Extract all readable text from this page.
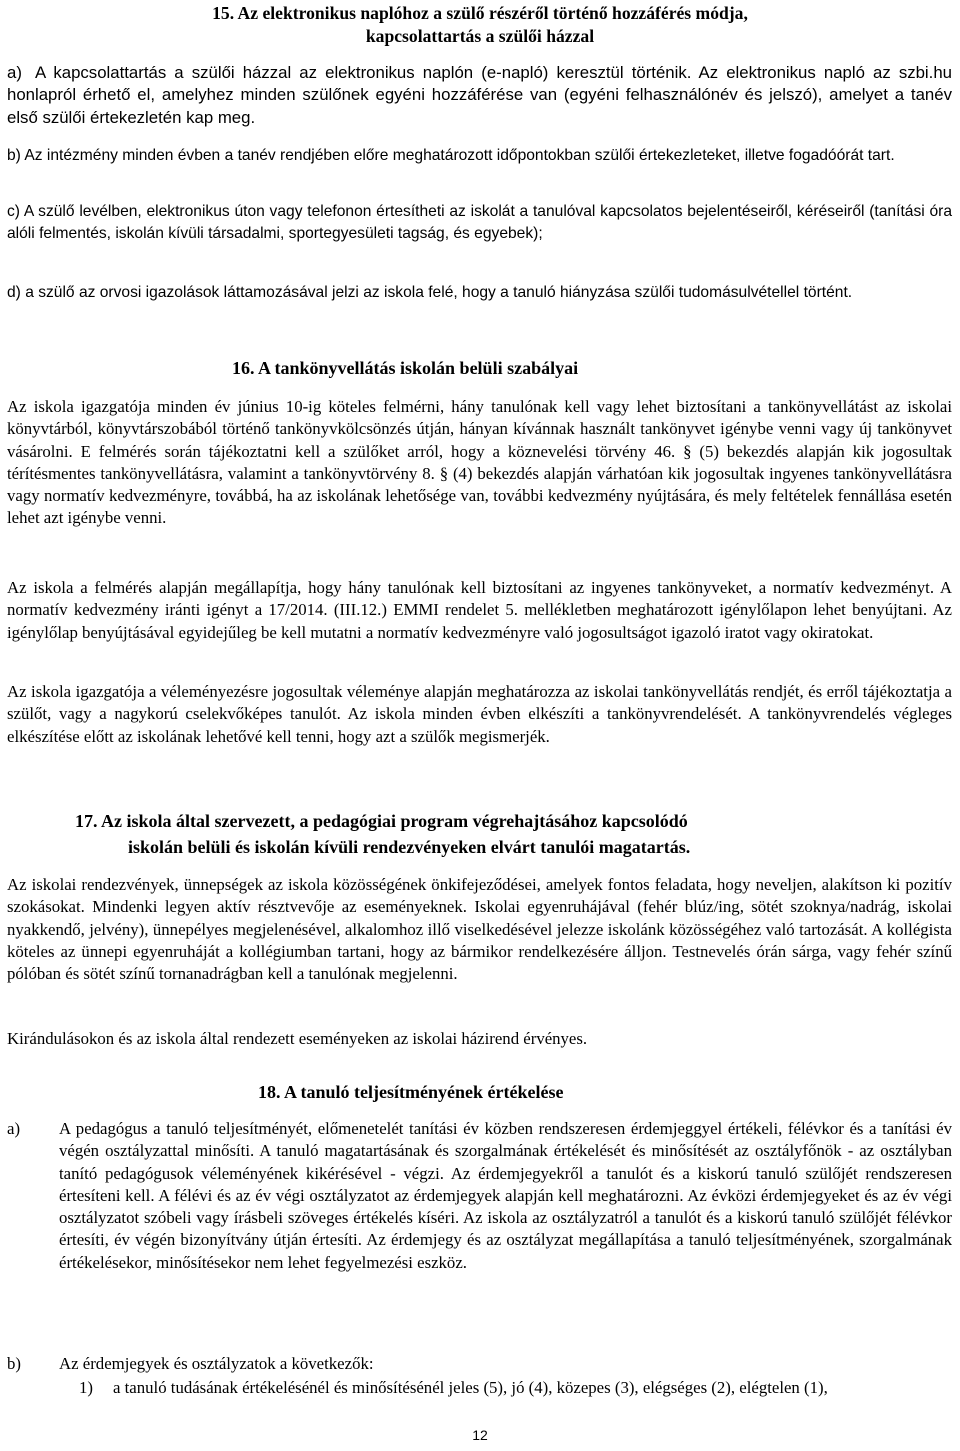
15. Az elektronikus naplóhoz a szülő részéről történő hozzáférés módja,

kapcsolattartás a szülői házzal

a) A kapcsolattartás a szülői házzal az elektronikus naplón (e-napló) keresztül történik. Az elektronikus napló az szbi.hu honlapról érhető el, amelyhez minden szülőnek egyéni hozzáférése van (egyéni felhasználónév és jelszó), amelyet a tanév első szülői értekezletén kap meg.

b) Az intézmény minden évben a tanév rendjében előre meghatározott időpontokban szülői értekezleteket, illetve fogadóórát tart.

c) A szülő levélben, elektronikus úton vagy telefonon értesítheti az iskolát a tanulóval kapcsolatos bejelentéseiről, kéréseiről (tanítási óra alóli felmentés, iskolán kívüli társadalmi, sportegyesületi tagság, és egyebek);

d) a szülő az orvosi igazolások láttamozásával jelzi az iskola felé, hogy a tanuló hiányzása szülői tudomásulvétellel történt.

16. A tankönyvellátás iskolán belüli szabályai

Az iskola igazgatója minden év június 10-ig köteles felmérni, hány tanulónak kell vagy lehet biztosítani a tankönyvellátást az iskolai könyvtárból, könyvtárszobából történő tankönyvkölcsönzés útján, hányan kívánnak használt tankönyvet igénybe venni vagy új tankönyvet vásárolni. E felmérés során tájékoztatni kell a szülőket arról, hogy a köznevelési törvény 46. § (5) bekezdés alapján kik jogosultak térítésmentes tankönyvellátásra, valamint a tankönyvtörvény 8. § (4) bekezdés alapján várhatóan kik jogosultak ingyenes tankönyvellátásra vagy normatív kedvezményre, továbbá, ha az iskolának lehetősége van, további kedvezmény nyújtására, és mely feltételek fennállása esetén lehet azt igénybe venni.

Az iskola a felmérés alapján megállapítja, hogy hány tanulónak kell biztosítani az ingyenes tankönyveket, a normatív kedvezményt. A normatív kedvezmény iránti igényt a 17/2014. (III.12.) EMMI rendelet 5. mellékletben meghatározott igénylőlapon lehet benyújtani. Az igénylőlap benyújtásával egyidejűleg be kell mutatni a normatív kedvezményre való jogosultságot igazoló iratot vagy okiratokat.

Az iskola igazgatója a véleményezésre jogosultak véleménye alapján meghatározza az iskolai tankönyvellátás rendjét, és erről tájékoztatja a szülőt, vagy a nagykorú cselekvőképes tanulót. Az iskola minden évben elkészíti a tankönyvrendelését. A tankönyvrendelés végleges elkészítése előtt az iskolának lehetővé kell tenni, hogy azt a szülők megismerjék.

17. Az iskola által szervezett, a pedagógiai program végrehajtásához kapcsolódó

iskolán belüli és iskolán kívüli rendezvényeken elvárt tanulói magatartás.

Az iskolai rendezvények, ünnepségek az iskola közösségének önkifejeződései, amelyek fontos feladata, hogy neveljen, alakítson ki pozitív szokásokat. Mindenki legyen aktív résztvevője az eseményeknek. Iskolai egyenruhájával (fehér blúz/ing, sötét szoknya/nadrág, iskolai nyakkendő, jelvény), ünnepélyes megjelenésével, alkalomhoz illő viselkedésével jelezze iskolánk közösségéhez való tartozását. A kollégista köteles az ünnepi egyenruháját a kollégiumban tartani, hogy az bármikor rendelkezésére álljon. Testnevelés órán sárga, vagy fehér színű pólóban és sötét színű tornanadrágban kell a tanulónak megjelenni.

Kirándulásokon és az iskola által rendezett eseményeken az iskolai házirend érvényes.

18. A tanuló teljesítményének értékelése

a) A pedagógus a tanuló teljesítményét, előmenetelét tanítási év közben rendszeresen érdemjeggyel értékeli, félévkor és a tanítási év végén osztályzattal minősíti. A tanuló magatartásának és szorgalmának értékelését és minősítését az osztályfőnök - az osztályban tanító pedagógusok véleményének kikérésével - végzi. Az érdemjegyekről a tanulót és a kiskorú tanuló szülőjét rendszeresen értesíteni kell. A félévi és az év végi osztályzatot az érdemjegyek alapján kell meghatározni. Az évközi érdemjegyeket és az év végi osztályzatot szóbeli vagy írásbeli szöveges értékelés kíséri. Az iskola az osztályzatról a tanulót és a kiskorú tanuló szülőjét félévkor értesíti, év végén bizonyítvány útján értesíti. Az érdemjegy és az osztályzat megállapítása a tanuló teljesítményének, szorgalmának értékelésekor, minősítésekor nem lehet fegyelmezési eszköz.

b) Az érdemjegyek és osztályzatok a következők:

1) a tanuló tudásának értékelésénél és minősítésénél jeles (5), jó (4), közepes (3), elégséges (2), elégtelen (1),

12
